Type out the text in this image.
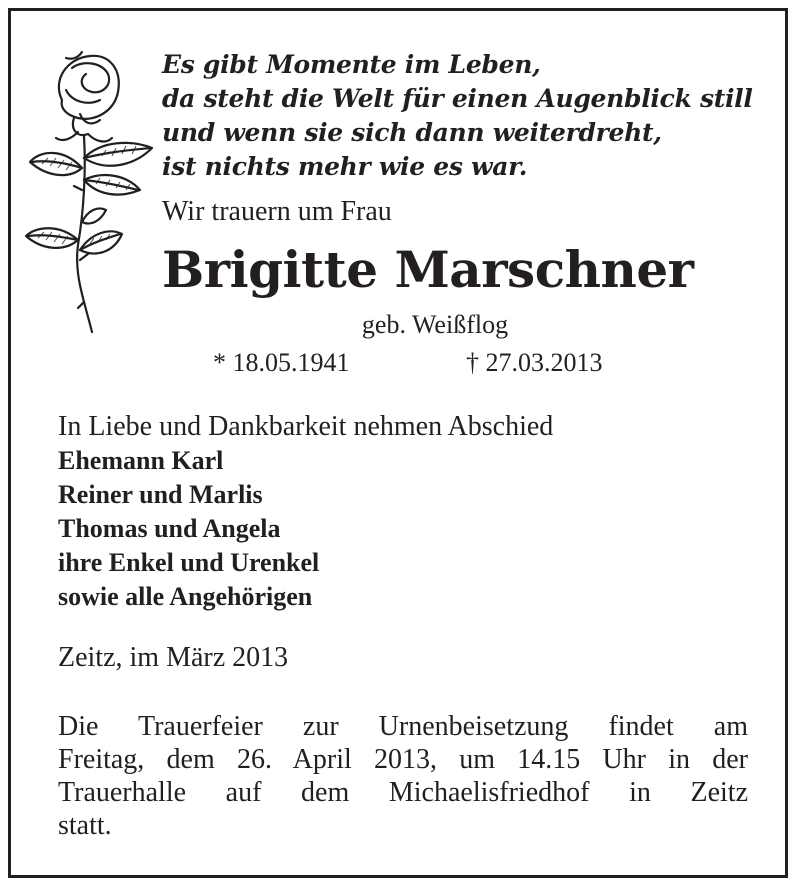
Es gibt Momente im Leben,
da steht die Welt für einen Augenblick still
und wenn sie sich dann weiterdreht,
ist nichts mehr wie es war.
Wir trauern um Frau
Brigitte Marschner
geb. Weißflog
* 18.05.1941	† 27.03.2013
In Liebe und Dankbarkeit nehmen Abschied
Ehemann Karl
Reiner und Marlis
Thomas und Angela
ihre Enkel und Urenkel
sowie alle Angehörigen
Zeitz, im März 2013
Die Trauerfeier zur Urnenbeisetzung findet am
Freitag, dem 26. April 2013, um 14.15 Uhr in der
Trauerhalle auf dem Michaelisfriedhof in Zeitz
statt.
